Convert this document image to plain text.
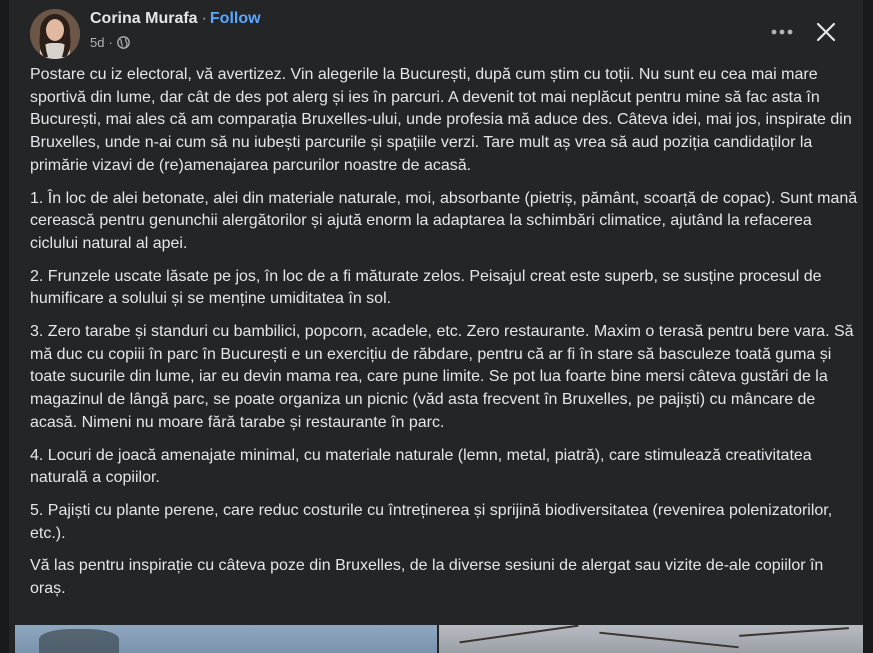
Corina Murafa · Follow
5d ·

Postare cu iz electoral, vă avertizez. Vin alegerile la București, după cum știm cu toții. Nu sunt eu cea mai mare sportivă din lume, dar cât de des pot alerg și ies în parcuri. A devenit tot mai neplăcut pentru mine să fac asta în București, mai ales că am comparația Bruxelles-ului, unde profesia mă aduce des. Câteva idei, mai jos, inspirate din Bruxelles, unde n-ai cum să nu iubești parcurile și spațiile verzi. Tare mult aș vrea să aud poziția candidaților la primărie vizavi de (re)amenajarea parcurilor noastre de acasă.

1. În loc de alei betonate, alei din materiale naturale, moi, absorbante (pietriș, pământ, scoarță de copac). Sunt mană cerească pentru genunchii alergătorilor și ajută enorm la adaptarea la schimbări climatice, ajutând la refacerea ciclului natural al apei.

2. Frunzele uscate lăsate pe jos, în loc de a fi măturate zelos. Peisajul creat este superb, se susține procesul de humificare a solului și se menține umiditatea în sol.

3. Zero tarabe și standuri cu bambilici, popcorn, acadele, etc. Zero restaurante. Maxim o terasă pentru bere vara. Să mă duc cu copiii în parc în București e un exercițiu de răbdare, pentru că ar fi în stare să basculeze toată guma și toate sucurile din lume, iar eu devin mama rea, care pune limite. Se pot lua foarte bine mersi câteva gustări de la magazinul de lângă parc, se poate organiza un picnic (văd asta frecvent în Bruxelles, pe pajiști) cu mâncare de acasă. Nimeni nu moare fără tarabe și restaurante în parc.

4. Locuri de joacă amenajate minimal, cu materiale naturale (lemn, metal, piatră), care stimulează creativitatea naturală a copiilor.

5. Pajiști cu plante perene, care reduc costurile cu întreținerea și sprijină biodiversitatea (revenirea polenizatorilor, etc.).

Vă las pentru inspirație cu câteva poze din Bruxelles, de la diverse sesiuni de alergat sau vizite de-ale copiilor în oraș.
